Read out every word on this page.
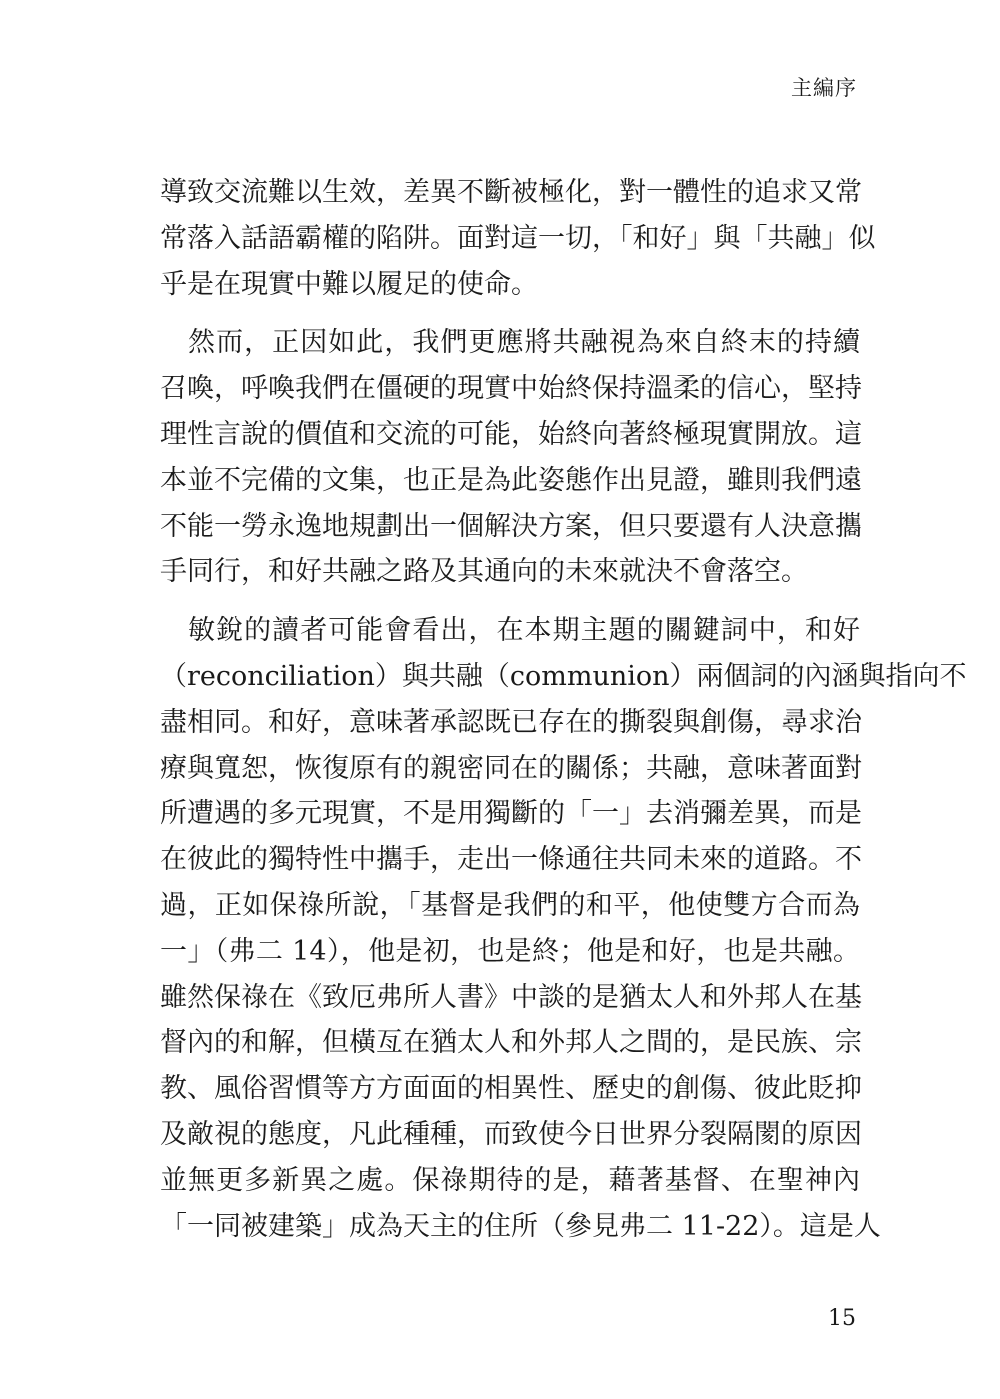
主編序
導致交流難以生效，差異不斷被極化，對一體性的追求又常
常落入話語霸權的陷阱。面對這一切，「和好」與「共融」似
乎是在現實中難以履足的使命。
　然而，正因如此，我們更應將共融視為來自終末的持續
召喚，呼喚我們在僵硬的現實中始終保持溫柔的信心，堅持
理性言說的價值和交流的可能，始終向著終極現實開放。這
本並不完備的文集，也正是為此姿態作出見證，雖則我們遠
不能一勞永逸地規劃出一個解決方案，但只要還有人決意攜
手同行，和好共融之路及其通向的未來就決不會落空。
　敏銳的讀者可能會看出，在本期主題的關鍵詞中，和好
（reconciliation）與共融（communion）兩個詞的內涵與指向不
盡相同。和好，意味著承認既已存在的撕裂與創傷，尋求治
療與寬恕，恢復原有的親密同在的關係；共融，意味著面對
所遭遇的多元現實，不是用獨斷的「一」去消彌差異，而是
在彼此的獨特性中攜手，走出一條通往共同未來的道路。不
過，正如保祿所說，「基督是我們的和平，他使雙方合而為
一」（弗二 14），他是初，也是終；他是和好，也是共融。
雖然保祿在《致厄弗所人書》中談的是猶太人和外邦人在基
督內的和解，但橫亙在猶太人和外邦人之間的，是民族、宗
教、風俗習慣等方方面面的相異性、歷史的創傷、彼此貶抑
及敵視的態度，凡此種種，而致使今日世界分裂隔閡的原因
並無更多新異之處。保祿期待的是，藉著基督、在聖神內
「一同被建築」成為天主的住所（參見弗二 11-22）。這是人
15
